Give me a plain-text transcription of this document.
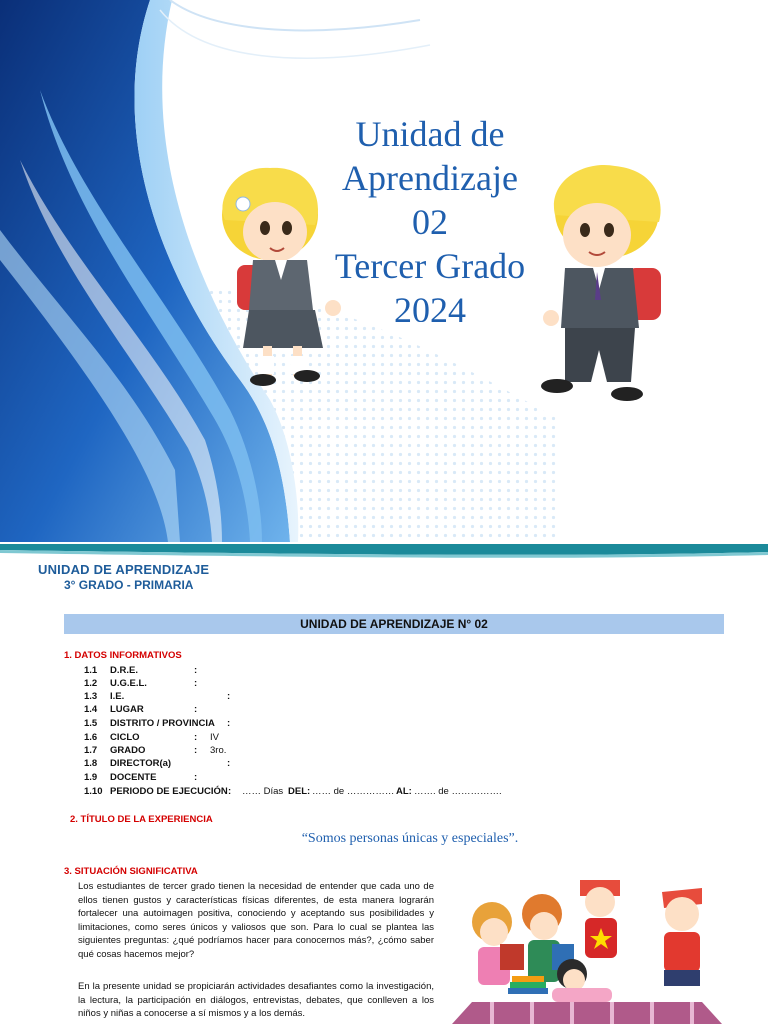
Unidad de
Aprendizaje
02
Tercer Grado
2024
UNIDAD DE APRENDIZAJE
3° GRADO - PRIMARIA
UNIDAD DE APRENDIZAJE N° 02
1. DATOS INFORMATIVOS
1.1 D.R.E.	:
1.2 U.G.E.L.	:
1.3 I.E.	:
1.4 LUGAR	:
1.5 DISTRITO / PROVINCIA :
1.6 CICLO	: IV
1.7 GRADO	: 3ro.
1.8 DIRECTOR(a)	:
1.9 DOCENTE	:
1.10 PERIODO DE EJECUCIÓN : …… Días DEL: …… de …………… AL: ……. de …………….
2. TÍTULO DE LA EXPERIENCIA
“Somos personas únicas y especiales”.
3. SITUACIÓN SIGNIFICATIVA

Los estudiantes de tercer grado tienen la necesidad de entender que cada uno de ellos tienen gustos y características físicas diferentes, de esta manera lograrán fortalecer una autoimagen positiva, conociendo y aceptando sus posibilidades y limitaciones, como seres únicos y valiosos que son. Para lo cual se plantea las siguientes preguntas: ¿qué podríamos hacer para conocernos más?, ¿cómo saber qué cosas hacemos mejor?

En la presente unidad se propiciarán actividades desafiantes como la investigación, la lectura, la participación en diálogos, entrevistas, debates, que conlleven a los niños y niñas a conocerse a sí mismos y a los demás.
